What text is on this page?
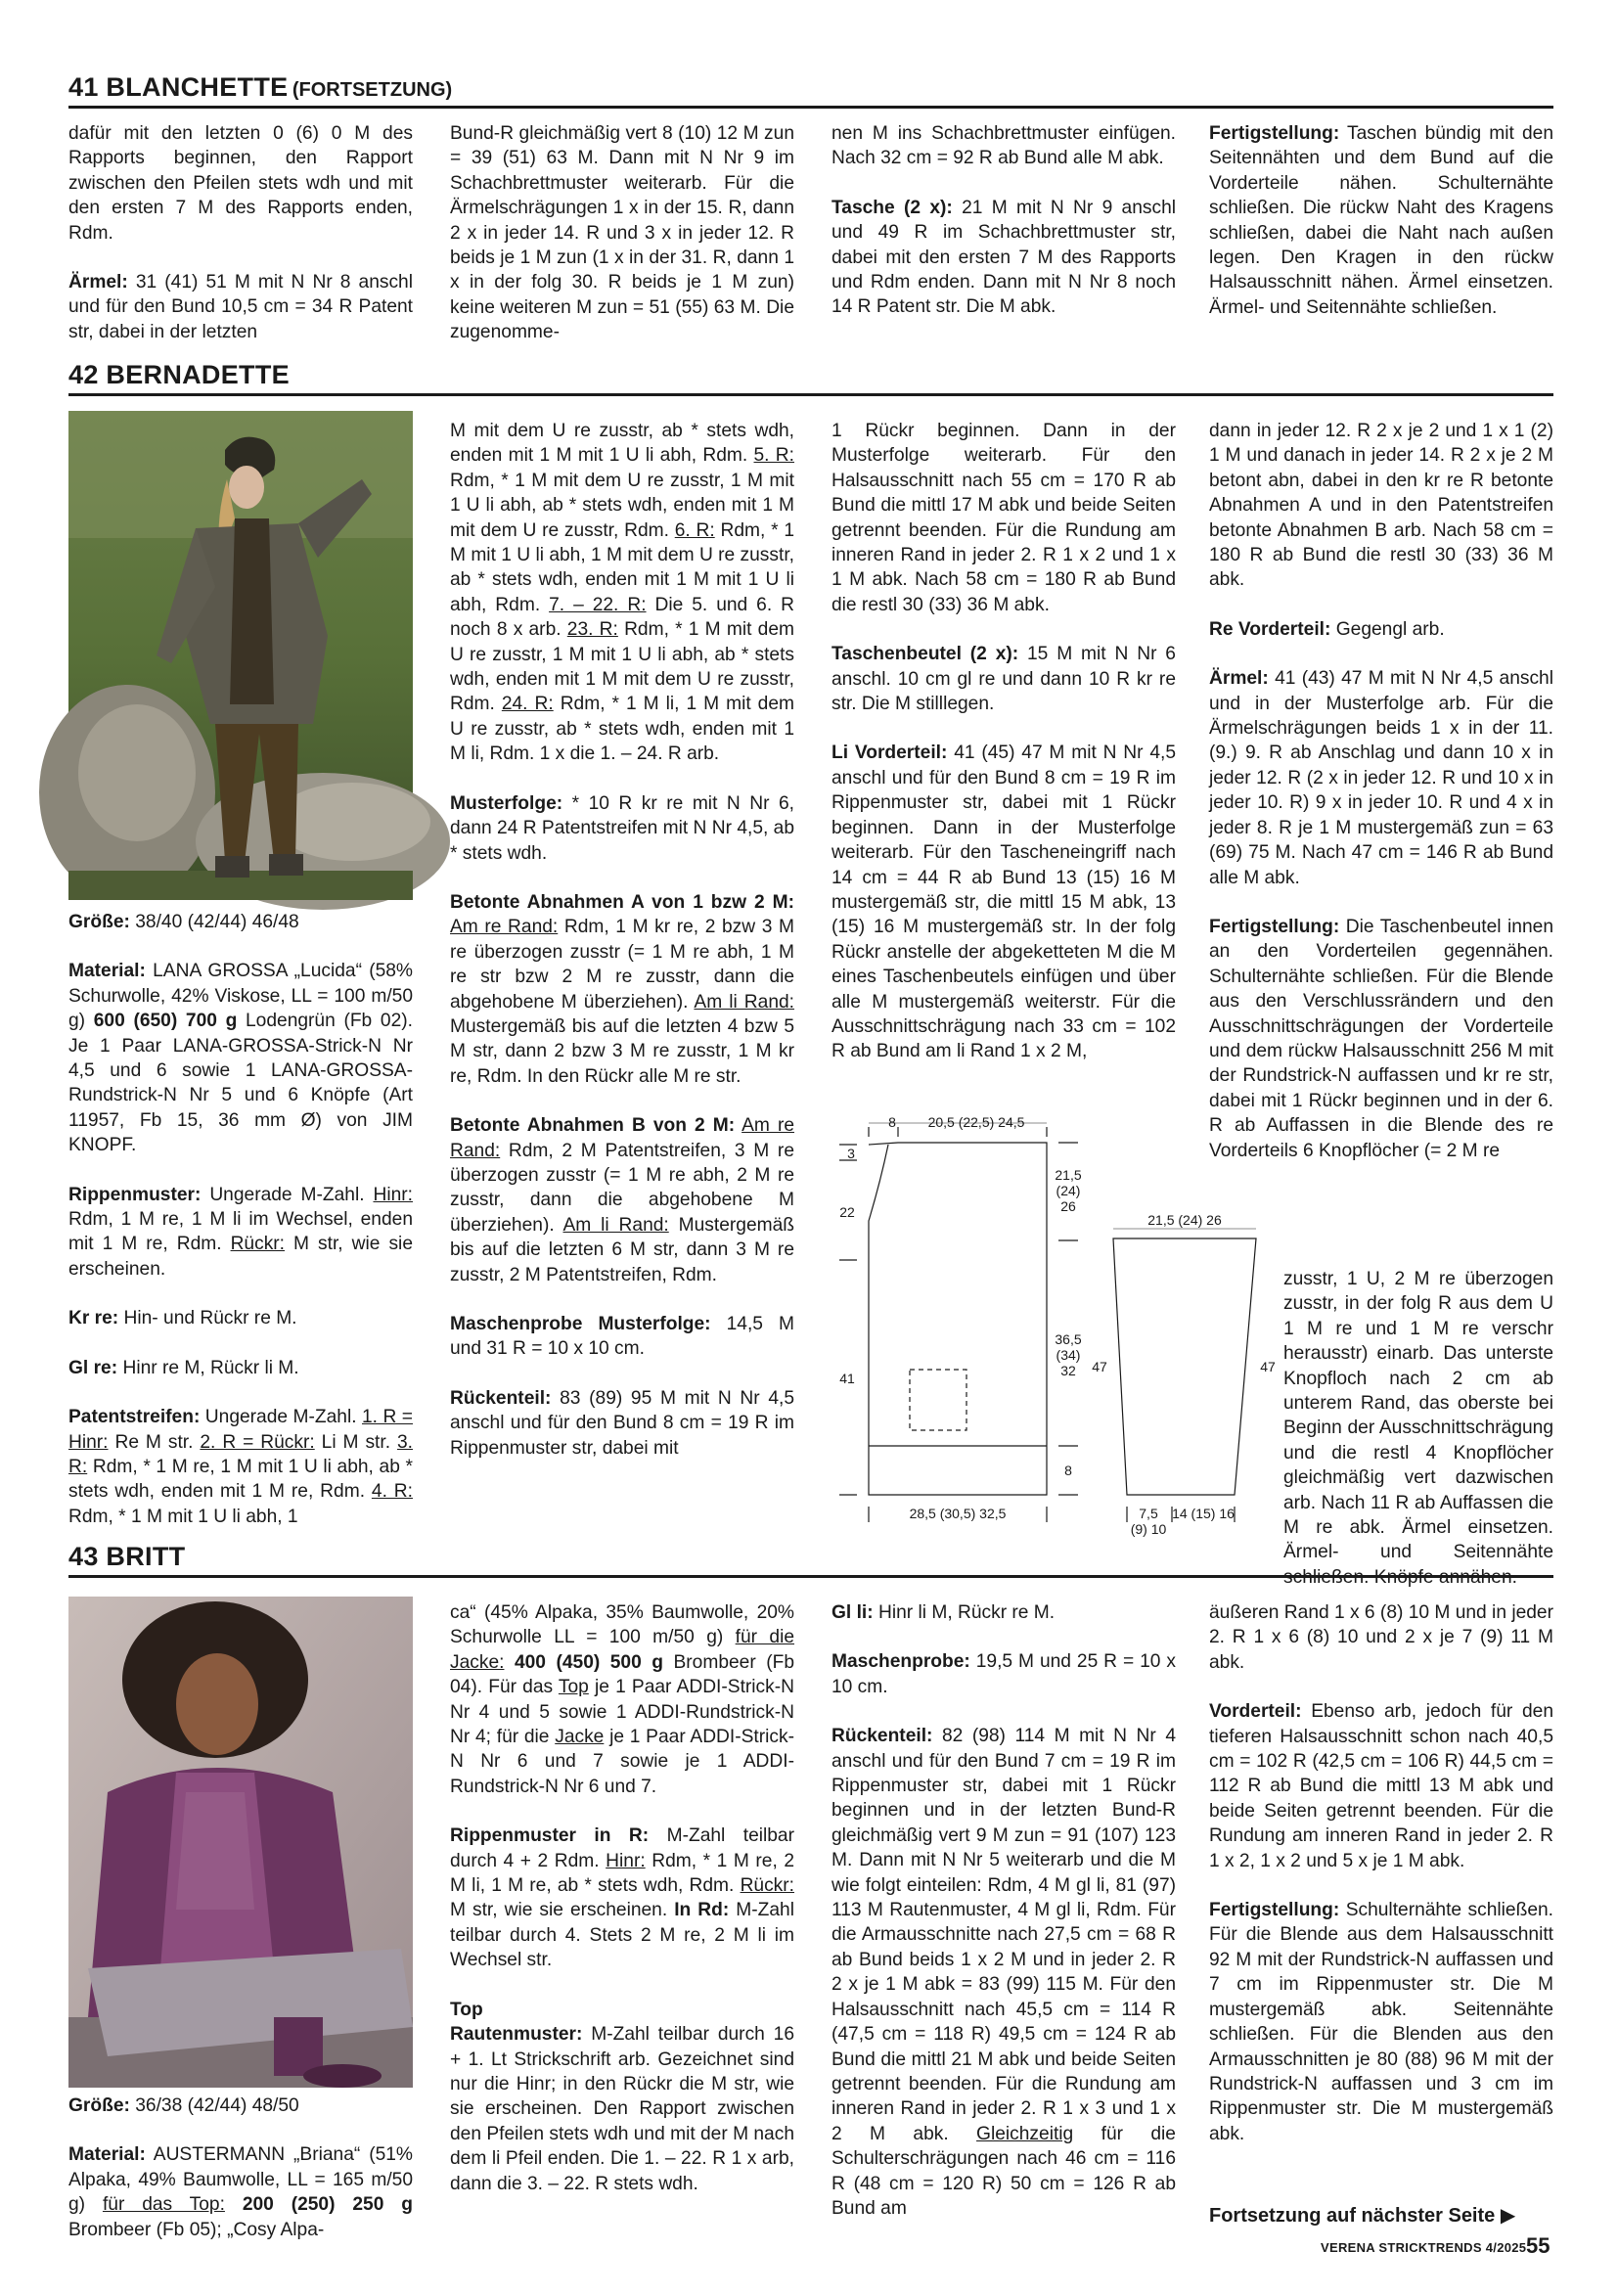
41 BLANCHETTE (FORTSETZUNG)

dafür mit den letzten 0 (6) 0 M des Rapports beginnen, den Rapport zwischen den Pfeilen stets wdh und mit den ersten 7 M des Rapports enden, Rdm.

Ärmel: 31 (41) 51 M mit N Nr 8 anschl und für den Bund 10,5 cm = 34 R Patent str, dabei in der letzten

Bund-R gleichmäßig vert 8 (10) 12 M zun = 39 (51) 63 M. Dann mit N Nr 9 im Schachbrettmuster weiterarb. Für die Ärmelschrägungen 1 x in der 15. R, dann 2 x in jeder 14. R und 3 x in jeder 12. R beids je 1 M zun (1 x in der 31. R, dann 1 x in der folg 30. R beids je 1 M zun) keine weiteren M zun = 51 (55) 63 M. Die zugenomme-

nen M ins Schachbrettmuster einfügen. Nach 32 cm = 92 R ab Bund alle M abk.

Tasche (2 x): 21 M mit N Nr 9 anschl und 49 R im Schachbrettmuster str, dabei mit den ersten 7 M des Rapports und Rdm enden. Dann mit N Nr 8 noch 14 R Patent str. Die M abk.

Fertigstellung: Taschen bündig mit den Seitennähten und dem Bund auf die Vorderteile nähen. Schulternähte schließen. Die rückw Naht des Kragens schließen, dabei die Naht nach außen legen. Den Kragen in den rückw Halsausschnitt nähen. Ärmel einsetzen. Ärmel- und Seitennähte schließen.

42 BERNADETTE

Größe: 38/40 (42/44) 46/48

Material: LANA GROSSA „Lucida“ (58% Schurwolle, 42% Viskose, LL = 100 m/50 g) 600 (650) 700 g Lodengrün (Fb 02). Je 1 Paar LANA-GROSSA-Strick-N Nr 4,5 und 6 sowie 1 LANA-GROSSA-Rundstrick-N Nr 5 und 6 Knöpfe (Art 11957, Fb 15, 36 mm Ø) von JIM KNOPF.

Rippenmuster: Ungerade M-Zahl. Hinr: Rdm, 1 M re, 1 M li im Wechsel, enden mit 1 M re, Rdm. Rückr: M str, wie sie erscheinen.

Kr re: Hin- und Rückr re M.

Gl re: Hinr re M, Rückr li M.

Patentstreifen: Ungerade M-Zahl. 1. R = Hinr: Re M str. 2. R = Rückr: Li M str. 3. R: Rdm, * 1 M re, 1 M mit 1 U li abh, ab * stets wdh, enden mit 1 M re, Rdm. 4. R: Rdm, * 1 M mit 1 U li abh, 1

M mit dem U re zusstr, ab * stets wdh, enden mit 1 M mit 1 U li abh, Rdm. 5. R: Rdm, * 1 M mit dem U re zusstr, 1 M mit 1 U li abh, ab * stets wdh, enden mit 1 M mit dem U re zusstr, Rdm. 6. R: Rdm, * 1 M mit 1 U li abh, 1 M mit dem U re zusstr, ab * stets wdh, enden mit 1 M mit 1 U li abh, Rdm. 7. – 22. R: Die 5. und 6. R noch 8 x arb. 23. R: Rdm, * 1 M mit dem U re zusstr, 1 M mit 1 U li abh, ab * stets wdh, enden mit 1 M mit dem U re zusstr, Rdm. 24. R: Rdm, * 1 M li, 1 M mit dem U re zusstr, ab * stets wdh, enden mit 1 M li, Rdm. 1 x die 1. – 24. R arb.

Musterfolge: * 10 R kr re mit N Nr 6, dann 24 R Patentstreifen mit N Nr 4,5, ab * stets wdh.

Betonte Abnahmen A von 1 bzw 2 M: Am re Rand: Rdm, 1 M kr re, 2 bzw 3 M re überzogen zusstr (= 1 M re abh, 1 M re str bzw 2 M re zusstr, dann die abgehobene M überziehen). Am li Rand: Mustergemäß bis auf die letzten 4 bzw 5 M str, dann 2 bzw 3 M re zusstr, 1 M kr re, Rdm. In den Rückr alle M re str.

Betonte Abnahmen B von 2 M: Am re Rand: Rdm, 2 M Patentstreifen, 3 M re überzogen zusstr (= 1 M re abh, 2 M re zusstr, dann die abgehobene M überziehen). Am li Rand: Mustergemäß bis auf die letzten 6 M str, dann 3 M re zusstr, 2 M Patentstreifen, Rdm.

Maschenprobe Musterfolge: 14,5 M und 31 R = 10 x 10 cm.

Rückenteil: 83 (89) 95 M mit N Nr 4,5 anschl und für den Bund 8 cm = 19 R im Rippenmuster str, dabei mit

1 Rückr beginnen. Dann in der Musterfolge weiterarb. Für den Halsausschnitt nach 55 cm = 170 R ab Bund die mittl 17 M abk und beide Seiten getrennt beenden. Für die Rundung am inneren Rand in jeder 2. R 1 x 2 und 1 x 1 M abk. Nach 58 cm = 180 R ab Bund die restl 30 (33) 36 M abk.

Taschenbeutel (2 x): 15 M mit N Nr 6 anschl. 10 cm gl re und dann 10 R kr re str. Die M stilllegen.

Li Vorderteil: 41 (45) 47 M mit N Nr 4,5 anschl und für den Bund 8 cm = 19 R im Rippenmuster str, dabei mit 1 Rückr beginnen. Dann in der Musterfolge weiterarb. Für den Tascheneingriff nach 14 cm = 44 R ab Bund 13 (15) 16 M mustergemäß str, die mittl 15 M abk, 13 (15) 16 M mustergemäß str. In der folg Rückr anstelle der abgeketteten M die M eines Taschenbeutels einfügen und über alle M mustergemäß weiterstr. Für die Ausschnittschrägung nach 33 cm = 102 R ab Bund am li Rand 1 x 2 M,

dann in jeder 12. R 2 x je 2 und 1 x 1 (2) 1 M und danach in jeder 14. R 2 x je 2 M betont abn, dabei in den kr re R betonte Abnahmen A und in den Patentstreifen betonte Abnahmen B arb. Nach 58 cm = 180 R ab Bund die restl 30 (33) 36 M abk.

Re Vorderteil: Gegengl arb.

Ärmel: 41 (43) 47 M mit N Nr 4,5 anschl und in der Musterfolge arb. Für die Ärmelschrägungen beids 1 x in der 11. (9.) 9. R ab Anschlag und dann 10 x in jeder 12. R (2 x in jeder 12. R und 10 x in jeder 10. R) 9 x in jeder 10. R und 4 x in jeder 8. R je 1 M mustergemäß zun = 63 (69) 75 M. Nach 47 cm = 146 R ab Bund alle M abk.

Fertigstellung: Die Taschenbeutel innen an den Vorderteilen gegennähen. Schulternähte schließen. Für die Blende aus den Verschlussrändern und den Ausschnittschrägungen der Vorderteile und dem rückw Halsausschnitt 256 M mit der Rundstrick-N auffassen und kr re str, dabei mit 1 Rückr beginnen und in der 6. R ab Auffassen in die Blende des re Vorderteils 6 Knopflöcher (= 2 M re

zusstr, 1 U, 2 M re überzogen zusstr, in der folg R aus dem U 1 M re und 1 M re verschr herausstr) einarb. Das unterste Knopfloch nach 2 cm ab unterem Rand, das oberste bei Beginn der Ausschnittschrägung und die restl 4 Knopflöcher gleichmäßig vert dazwischen arb. Nach 11 R ab Auffassen die M re abk. Ärmel einsetzen. Ärmel- und Seitennähte schließen. Knöpfe annähen.

8 20,5 (22,5) 24,5
3
22
41
21,5
(24)
26
36,5
(34)
32
8
28,5 (30,5) 32,5
21,5 (24) 26
47	47
7,5
(9) 10
14 (15) 16
43 BRITT

Größe: 36/38 (42/44) 48/50

Material: AUSTERMANN „Briana“ (51% Alpaka, 49% Baumwolle, LL = 165 m/50 g) für das Top: 200 (250) 250 g Brombeer (Fb 05); „Cosy Alpa-

ca“ (45% Alpaka, 35% Baumwolle, 20% Schurwolle LL = 100 m/50 g) für die Jacke: 400 (450) 500 g Brombeer (Fb 04). Für das Top je 1 Paar ADDI-Strick-N Nr 4 und 5 sowie 1 ADDI-Rundstrick-N Nr 4; für die Jacke je 1 Paar ADDI-Strick-N Nr 6 und 7 sowie je 1 ADDI-Rundstrick-N Nr 6 und 7.

Rippenmuster in R: M-Zahl teilbar durch 4 + 2 Rdm. Hinr: Rdm, * 1 M re, 2 M li, 1 M re, ab * stets wdh, Rdm. Rückr: M str, wie sie erscheinen. In Rd: M-Zahl teilbar durch 4. Stets 2 M re, 2 M li im Wechsel str.

Top

Rautenmuster: M-Zahl teilbar durch 16 + 1. Lt Strickschrift arb. Gezeichnet sind nur die Hinr; in den Rückr die M str, wie sie erscheinen. Den Rapport zwischen den Pfeilen stets wdh und mit der M nach dem li Pfeil enden. Die 1. – 22. R 1 x arb, dann die 3. – 22. R stets wdh.

Gl li: Hinr li M, Rückr re M.

Maschenprobe: 19,5 M und 25 R = 10 x 10 cm.

Rückenteil: 82 (98) 114 M mit N Nr 4 anschl und für den Bund 7 cm = 19 R im Rippenmuster str, dabei mit 1 Rückr beginnen und in der letzten Bund-R gleichmäßig vert 9 M zun = 91 (107) 123 M. Dann mit N Nr 5 weiterarb und die M wie folgt einteilen: Rdm, 4 M gl li, 81 (97) 113 M Rautenmuster, 4 M gl li, Rdm. Für die Armausschnitte nach 27,5 cm = 68 R ab Bund beids 1 x 2 M und in jeder 2. R 2 x je 1 M abk = 83 (99) 115 M. Für den Halsausschnitt nach 45,5 cm = 114 R (47,5 cm = 118 R) 49,5 cm = 124 R ab Bund die mittl 21 M abk und beide Seiten getrennt beenden. Für die Rundung am inneren Rand in jeder 2. R 1 x 3 und 1 x 2 M abk. Gleichzeitig für die Schulterschrägungen nach 46 cm = 116 R (48 cm = 120 R) 50 cm = 126 R ab Bund am

äußeren Rand 1 x 6 (8) 10 M und in jeder 2. R 1 x 6 (8) 10 und 2 x je 7 (9) 11 M abk.

Vorderteil: Ebenso arb, jedoch für den tieferen Halsausschnitt schon nach 40,5 cm = 102 R (42,5 cm = 106 R) 44,5 cm = 112 R ab Bund die mittl 13 M abk und beide Seiten getrennt beenden. Für die Rundung am inneren Rand in jeder 2. R 1 x 2, 1 x 2 und 5 x je 1 M abk.

Fertigstellung: Schulternähte schließen. Für die Blende aus dem Halsausschnitt 92 M mit der Rundstrick-N auffassen und 7 cm im Rippenmuster str. Die M mustergemäß abk. Seitennähte schließen. Für die Blenden aus den Armausschnitten je 80 (88) 96 M mit der Rundstrick-N auffassen und 3 cm im Rippenmuster str. Die M mustergemäß abk.

Fortsetzung auf nächster Seite ▶
VERENA STRICKTRENDS 4/2025 55
